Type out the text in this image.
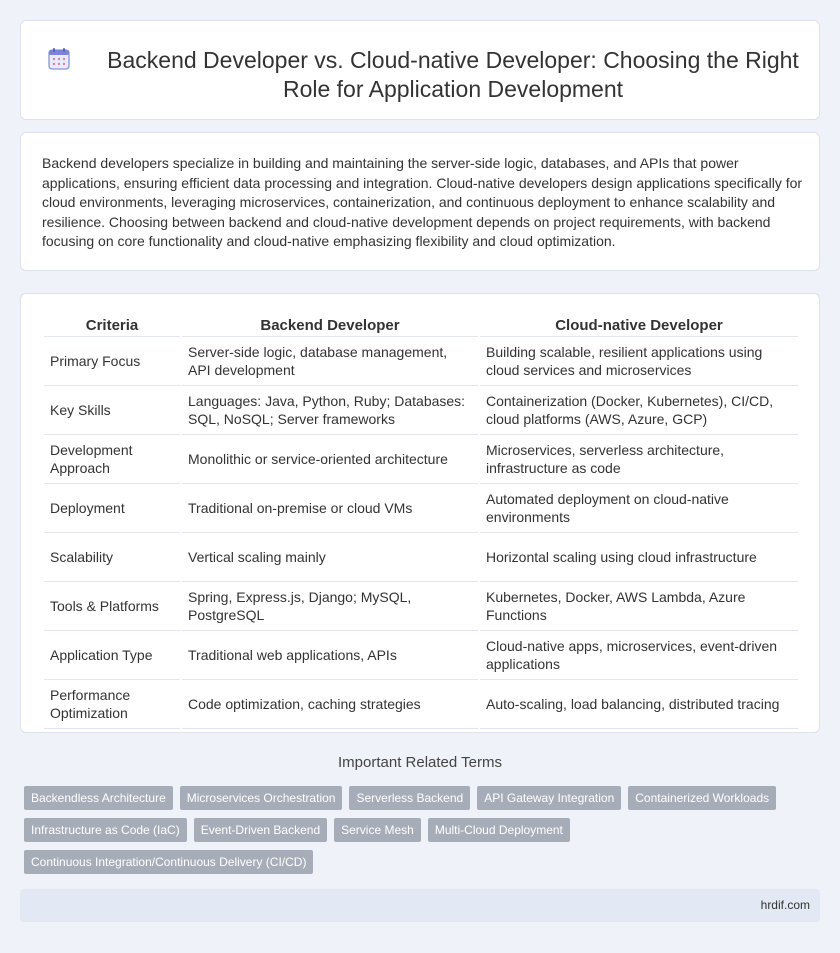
Backend Developer vs. Cloud-native Developer: Choosing the Right Role for Application Development

Backend developers specialize in building and maintaining the server-side logic, databases, and APIs that power applications, ensuring efficient data processing and integration. Cloud-native developers design applications specifically for cloud environments, leveraging microservices, containerization, and continuous deployment to enhance scalability and resilience. Choosing between backend and cloud-native development depends on project requirements, with backend focusing on core functionality and cloud-native emphasizing flexibility and cloud optimization.

Criteria	Backend Developer	Cloud-native Developer
Primary Focus	Server-side logic, database management, API development	Building scalable, resilient applications using cloud services and microservices
Key Skills	Languages: Java, Python, Ruby; Databases: SQL, NoSQL; Server frameworks	Containerization (Docker, Kubernetes), CI/CD, cloud platforms (AWS, Azure, GCP)
Development Approach	Monolithic or service-oriented architecture	Microservices, serverless architecture, infrastructure as code
Deployment	Traditional on-premise or cloud VMs	Automated deployment on cloud-native environments
Scalability	Vertical scaling mainly	Horizontal scaling using cloud infrastructure
Tools & Platforms	Spring, Express.js, Django; MySQL, PostgreSQL	Kubernetes, Docker, AWS Lambda, Azure Functions
Application Type	Traditional web applications, APIs	Cloud-native apps, microservices, event-driven applications
Performance Optimization	Code optimization, caching strategies	Auto-scaling, load balancing, distributed tracing
Important Related Terms
Backendless Architecture	Microservices Orchestration	Serverless Backend	API Gateway Integration	Containerized Workloads
Infrastructure as Code (IaC)	Event-Driven Backend	Service Mesh	Multi-Cloud Deployment
Continuous Integration/Continuous Delivery (CI/CD)
hrdif.com
